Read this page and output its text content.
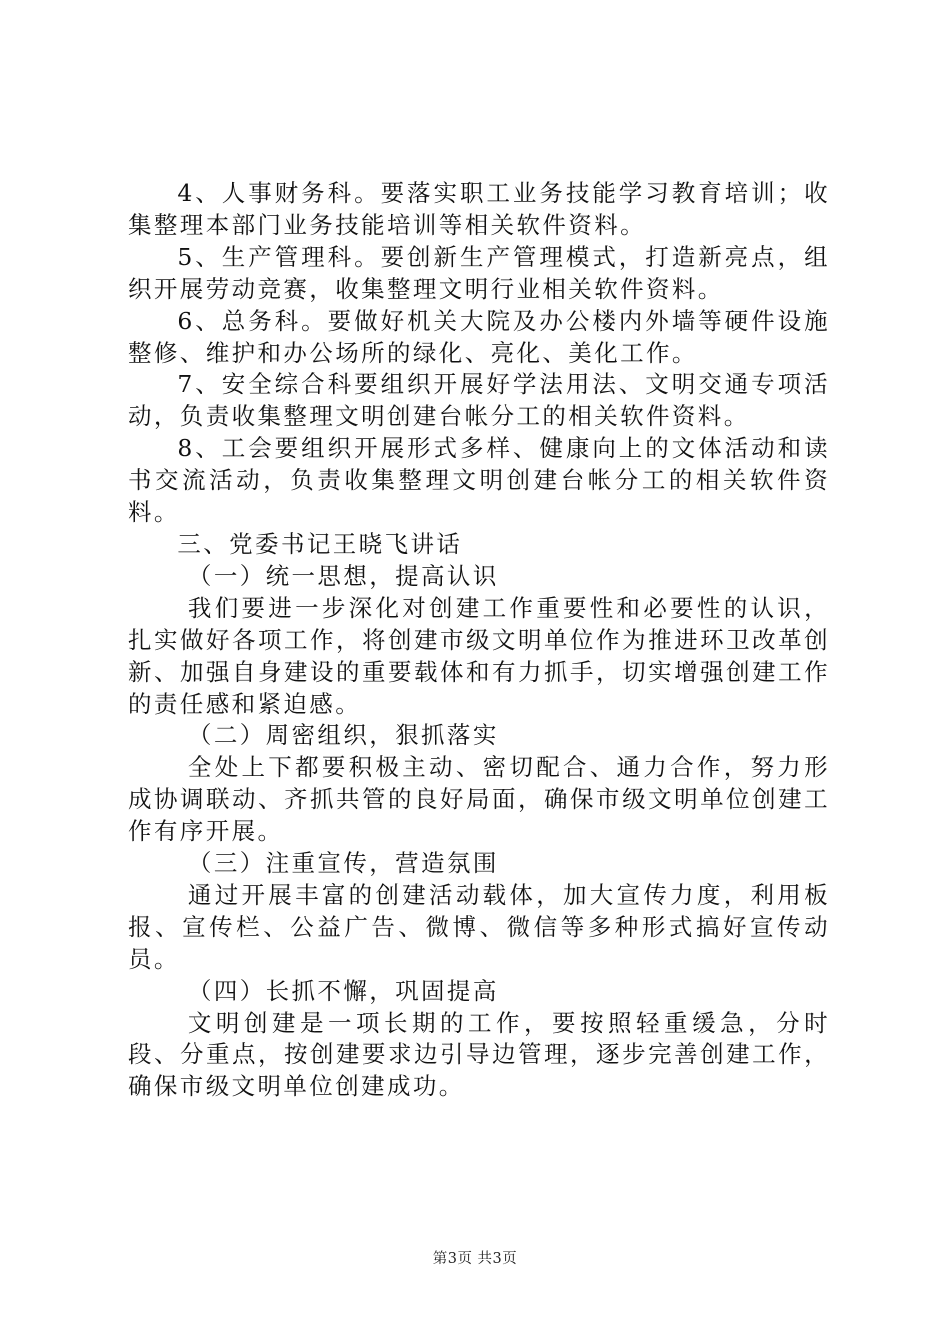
4、人事财务科。要落实职工业务技能学习教育培训；收集整理本部门业务技能培训等相关软件资料。

5、生产管理科。要创新生产管理模式，打造新亮点，组织开展劳动竞赛，收集整理文明行业相关软件资料。

6、总务科。要做好机关大院及办公楼内外墙等硬件设施整修、维护和办公场所的绿化、亮化、美化工作。

7、安全综合科要组织开展好学法用法、文明交通专项活动，负责收集整理文明创建台帐分工的相关软件资料。

8、工会要组织开展形式多样、健康向上的文体活动和读书交流活动，负责收集整理文明创建台帐分工的相关软件资料。

三、党委书记王晓飞讲话

（一）统一思想，提高认识

我们要进一步深化对创建工作重要性和必要性的认识，扎实做好各项工作，将创建市级文明单位作为推进环卫改革创新、加强自身建设的重要载体和有力抓手，切实增强创建工作的责任感和紧迫感。

（二）周密组织，狠抓落实

全处上下都要积极主动、密切配合、通力合作，努力形成协调联动、齐抓共管的良好局面，确保市级文明单位创建工作有序开展。

（三）注重宣传，营造氛围

通过开展丰富的创建活动载体，加大宣传力度，利用板报、宣传栏、公益广告、微博、微信等多种形式搞好宣传动员。

（四）长抓不懈，巩固提高

文明创建是一项长期的工作，要按照轻重缓急，分时段、分重点，按创建要求边引导边管理，逐步完善创建工作，确保市级文明单位创建成功。

第3页 共3页
